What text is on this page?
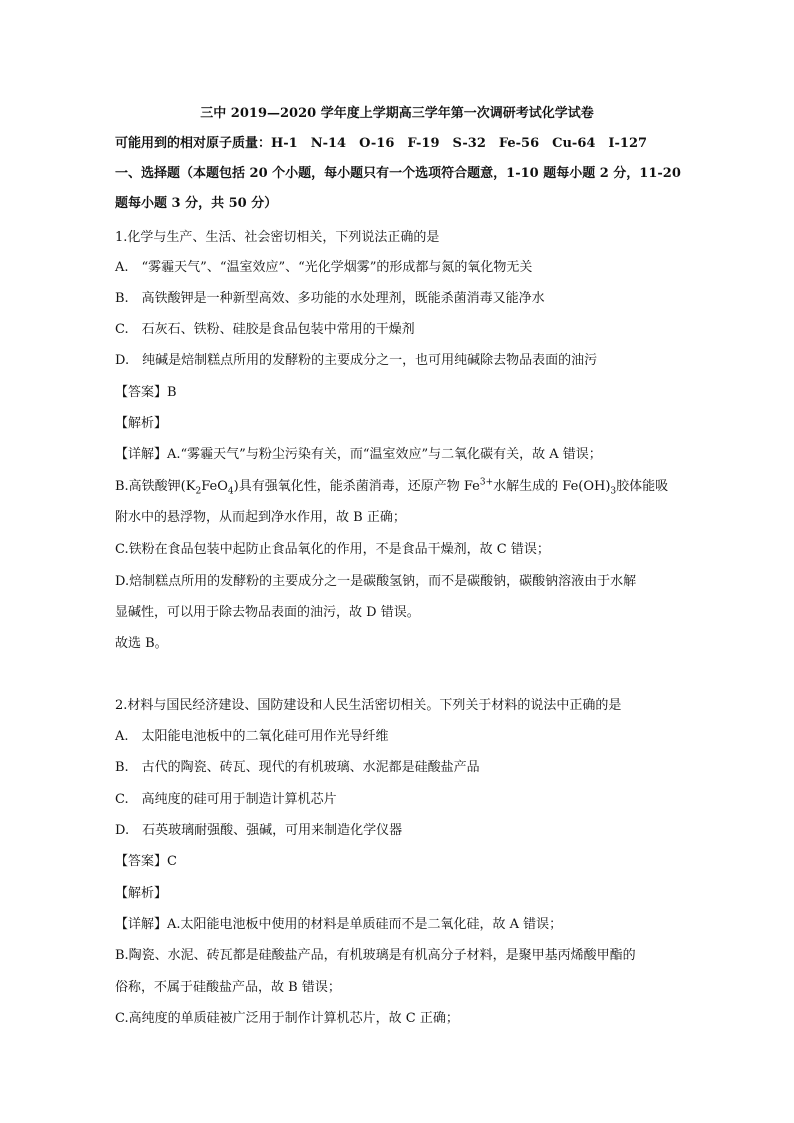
三中 2019—2020 学年度上学期高三学年第一次调研考试化学试卷
可能用到的相对原子质量：H-1　N-14　O-16　F-19　S-32　Fe-56　Cu-64　I-127
一、选择题（本题包括 20 个小题，每小题只有一个选项符合题意，1-10 题每小题 2 分，11-20
题每小题 3 分，共 50 分）
1.化学与生产、生活、社会密切相关，下列说法正确的是
A.　“雾霾天气”、“温室效应”、“光化学烟雾”的形成都与氮的氧化物无关
B.　高铁酸钾是一种新型高效、多功能的水处理剂，既能杀菌消毒又能净水
C.　石灰石、铁粉、硅胶是食品包装中常用的干燥剂
D.　纯碱是焙制糕点所用的发酵粉的主要成分之一，也可用纯碱除去物品表面的油污
【答案】B
【解析】
【详解】A.“雾霾天气”与粉尘污染有关，而“温室效应”与二氧化碳有关，故 A 错误；
B.高铁酸钾$(K_2FeO_4)$具有强氧化性，能杀菌消毒，还原产物 $Fe^{3+}$水解生成的 $Fe(OH)_3$胶体能吸
附水中的悬浮物，从而起到净水作用，故 B 正确；
C.铁粉在食品包装中起防止食品氧化的作用，不是食品干燥剂，故 C 错误；
D.焙制糕点所用的发酵粉的主要成分之一是碳酸氢钠，而不是碳酸钠，碳酸钠溶液由于水解
显碱性，可以用于除去物品表面的油污，故 D 错误。
故选 B。
2.材料与国民经济建设、国防建设和人民生活密切相关。下列关于材料的说法中正确的是
A.　太阳能电池板中的二氧化硅可用作光导纤维
B.　古代的陶瓷、砖瓦、现代的有机玻璃、水泥都是硅酸盐产品
C.　高纯度的硅可用于制造计算机芯片
D.　石英玻璃耐强酸、强碱，可用来制造化学仪器
【答案】C
【解析】
【详解】A.太阳能电池板中使用的材料是单质硅而不是二氧化硅，故 A 错误；
B.陶瓷、水泥、砖瓦都是硅酸盐产品，有机玻璃是有机高分子材料，是聚甲基丙烯酸甲酯的
俗称，不属于硅酸盐产品，故 B 错误；
C.高纯度的单质硅被广泛用于制作计算机芯片，故 C 正确；
